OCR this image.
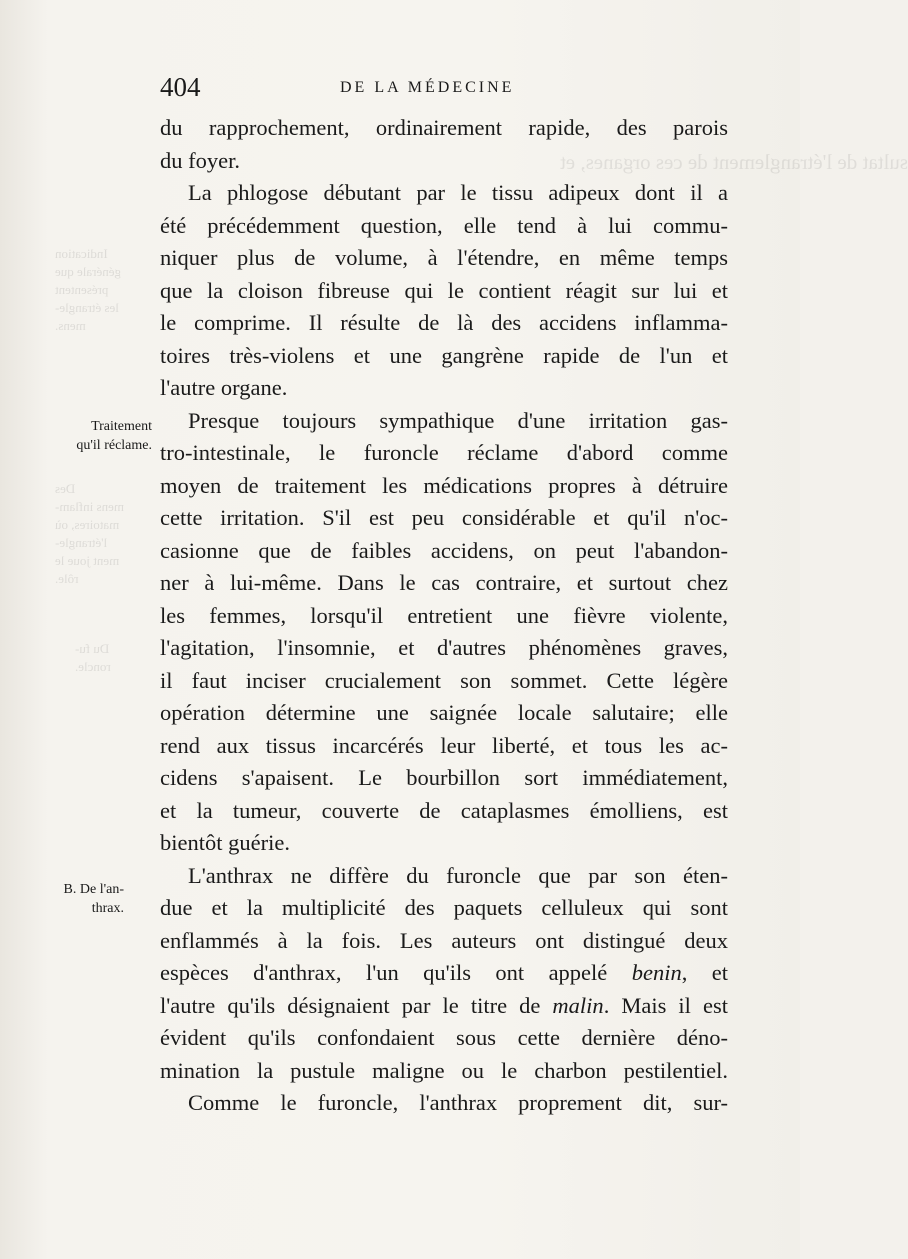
Indication
générale que
présentent
les étrangle-
mens.
Des
mens inflam-
matoires, où
l'étrangle-
ment joue le
rôle.
Du fu-
roncle.
sultat de l'étranglement de ces organes, et
404	DE LA MÉDECINE
Traitement
qu'il réclame.
B. De l'an-
thrax.
du rapprochement, ordinairement rapide, des parois
du foyer.
La phlogose débutant par le tissu adipeux dont il a
été précédemment question, elle tend à lui commu-
niquer plus de volume, à l'étendre, en même temps
que la cloison fibreuse qui le contient réagit sur lui et
le comprime. Il résulte de là des accidens inflamma-
toires très-violens et une gangrène rapide de l'un et
l'autre organe.
Presque toujours sympathique d'une irritation gas-
tro-intestinale, le furoncle réclame d'abord comme
moyen de traitement les médications propres à détruire
cette irritation. S'il est peu considérable et qu'il n'oc-
casionne que de faibles accidens, on peut l'abandon-
ner à lui-même. Dans le cas contraire, et surtout chez
les femmes, lorsqu'il entretient une fièvre violente,
l'agitation, l'insomnie, et d'autres phénomènes graves,
il faut inciser crucialement son sommet. Cette légère
opération détermine une saignée locale salutaire; elle
rend aux tissus incarcérés leur liberté, et tous les ac-
cidens s'apaisent. Le bourbillon sort immédiatement,
et la tumeur, couverte de cataplasmes émolliens, est
bientôt guérie.
L'anthrax ne diffère du furoncle que par son éten-
due et la multiplicité des paquets celluleux qui sont
enflammés à la fois. Les auteurs ont distingué deux
espèces d'anthrax, l'un qu'ils ont appelé benin, et
l'autre qu'ils désignaient par le titre de malin. Mais il est
évident qu'ils confondaient sous cette dernière déno-
mination la pustule maligne ou le charbon pestilentiel.
Comme le furoncle, l'anthrax proprement dit, sur-
